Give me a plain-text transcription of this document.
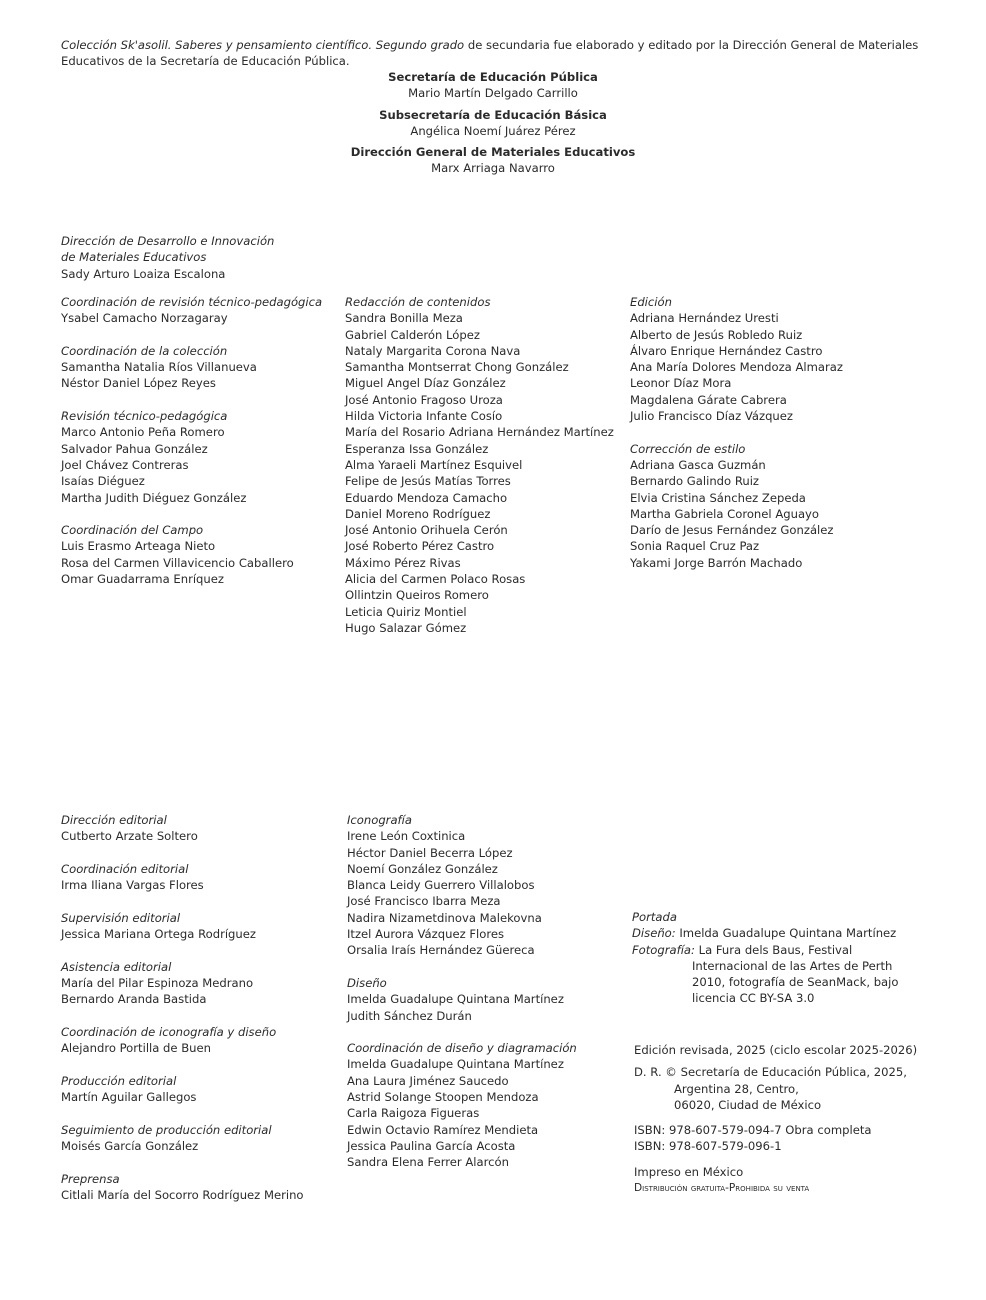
Colección Sk'asolil. Saberes y pensamiento científico. Segundo grado de secundaria fue elaborado y editado por la Dirección General de Materiales Educativos de la Secretaría de Educación Pública.
Secretaría de Educación Pública
Mario Martín Delgado Carrillo
Subsecretaría de Educación Básica
Angélica Noemí Juárez Pérez
Dirección General de Materiales Educativos
Marx Arriaga Navarro
Dirección de Desarrollo e Innovación
de Materiales Educativos
Sady Arturo Loaiza Escalona
Coordinación de revisión técnico-pedagógica
Ysabel Camacho Norzagaray
Coordinación de la colección
Samantha Natalia Ríos Villanueva
Néstor Daniel López Reyes
Revisión técnico-pedagógica
Marco Antonio Peña Romero
Salvador Pahua González
Joel Chávez Contreras
Isaías Diéguez
Martha Judith Diéguez González
Coordinación del Campo
Luis Erasmo Arteaga Nieto
Rosa del Carmen Villavicencio Caballero
Omar Guadarrama Enríquez
Redacción de contenidos
Sandra Bonilla Meza
Gabriel Calderón López
Nataly Margarita Corona Nava
Samantha Montserrat Chong González
Miguel Angel Díaz González
José Antonio Fragoso Uroza
Hilda Victoria Infante Cosío
María del Rosario Adriana Hernández Martínez
Esperanza Issa González
Alma Yaraeli Martínez Esquivel
Felipe de Jesús Matías Torres
Eduardo Mendoza Camacho
Daniel Moreno Rodríguez
José Antonio Orihuela Cerón
José Roberto Pérez Castro
Máximo Pérez Rivas
Alicia del Carmen Polaco Rosas
Ollintzin Queiros Romero
Leticia Quiriz Montiel
Hugo Salazar Gómez
Edición
Adriana Hernández Uresti
Alberto de Jesús Robledo Ruiz
Álvaro Enrique Hernández Castro
Ana María Dolores Mendoza Almaraz
Leonor Díaz Mora
Magdalena Gárate Cabrera
Julio Francisco Díaz Vázquez
Corrección de estilo
Adriana Gasca Guzmán
Bernardo Galindo Ruiz
Elvia Cristina Sánchez Zepeda
Martha Gabriela Coronel Aguayo
Darío de Jesus Fernández González
Sonia Raquel Cruz Paz
Yakami Jorge Barrón Machado
Dirección editorial
Cutberto Arzate Soltero
Coordinación editorial
Irma Iliana Vargas Flores
Supervisión editorial
Jessica Mariana Ortega Rodríguez
Asistencia editorial
María del Pilar Espinoza Medrano
Bernardo Aranda Bastida
Coordinación de iconografía y diseño
Alejandro Portilla de Buen
Producción editorial
Martín Aguilar Gallegos
Seguimiento de producción editorial
Moisés García González
Preprensa
Citlali María del Socorro Rodríguez Merino
Iconografía
Irene León Coxtinica
Héctor Daniel Becerra López
Noemí González González
Blanca Leidy Guerrero Villalobos
José Francisco Ibarra Meza
Nadira Nizametdinova Malekovna
Itzel Aurora Vázquez Flores
Orsalia Iraís Hernández Güereca
Diseño
Imelda Guadalupe Quintana Martínez
Judith Sánchez Durán
Coordinación de diseño y diagramación
Imelda Guadalupe Quintana Martínez
Ana Laura Jiménez Saucedo
Astrid Solange Stoopen Mendoza
Carla Raigoza Figueras
Edwin Octavio Ramírez Mendieta
Jessica Paulina García Acosta
Sandra Elena Ferrer Alarcón
Portada
Diseño: Imelda Guadalupe Quintana Martínez
Fotografía: La Fura dels Baus, Festival
Internacional de las Artes de Perth
2010, fotografía de SeanMack, bajo
licencia CC BY-SA 3.0
Edición revisada, 2025 (ciclo escolar 2025-2026)
D. R. © Secretaría de Educación Pública, 2025,
Argentina 28, Centro,
06020, Ciudad de México
ISBN: 978-607-579-094-7 Obra completa
ISBN: 978-607-579-096-1
Impreso en México
Distribución gratuita-Prohibida su venta
